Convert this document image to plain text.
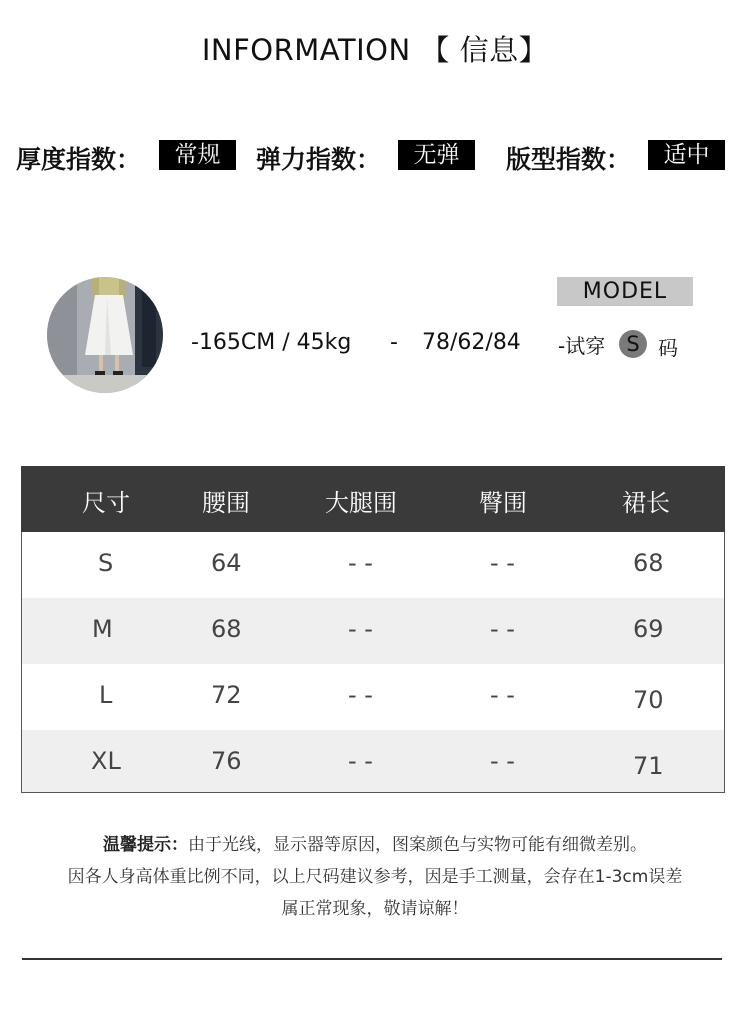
INFORMATION 【 信息】
厚度指数：	常规	弹力指数：	无弹	版型指数：	适中
MODEL
-165CM / 45kg - 78/62/84 -试穿	S 码
尺寸	腰围	大腿围	臀围	裙长
S	64	- -	- -	68
M	68	- -	- -	69
L	72	- -	- -	70
XL	76	- -	- -	71
温馨提示：由于光线，显示器等原因，图案颜色与实物可能有细微差别。
因各人身高体重比例不同，以上尺码建议参考，因是手工测量，会存在1-3cm误差
属正常现象，敬请谅解！
